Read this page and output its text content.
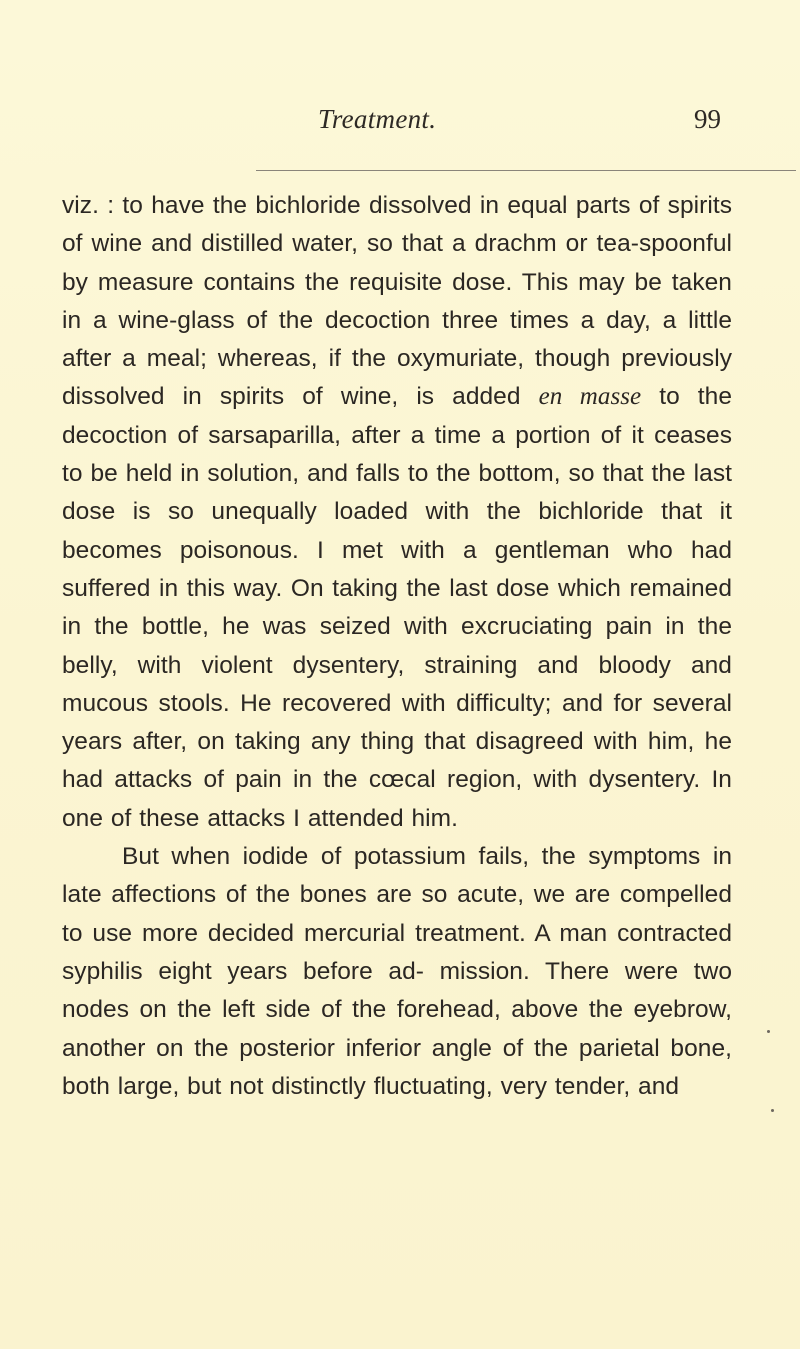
Treatment.	99

viz. : to have the bichloride dissolved in equal parts of spirits of wine and distilled water, so that a drachm or tea-spoonful by measure contains the requisite dose. This may be taken in a wine-glass of the decoction three times a day, a little after a meal; whereas, if the oxymuriate, though previously dissolved in spirits of wine, is added en masse to the decoction of sarsaparilla, after a time a portion of it ceases to be held in solution, and falls to the bottom, so that the last dose is so unequally loaded with the bichloride that it becomes poisonous. I met with a gentleman who had suffered in this way. On taking the last dose which remained in the bottle, he was seized with excruciating pain in the belly, with violent dysentery, straining and bloody and mucous stools. He recovered with difficulty; and for several years after, on taking any thing that disagreed with him, he had attacks of pain in the cœcal region, with dysentery. In one of these attacks I attended him.

But when iodide of potassium fails, the symptoms in late affections of the bones are so acute, we are compelled to use more decided mercurial treatment. A man contracted syphilis eight years before ad- mission. There were two nodes on the left side of the forehead, above the eyebrow, another on the posterior inferior angle of the parietal bone, both large, but not distinctly fluctuating, very tender, and
